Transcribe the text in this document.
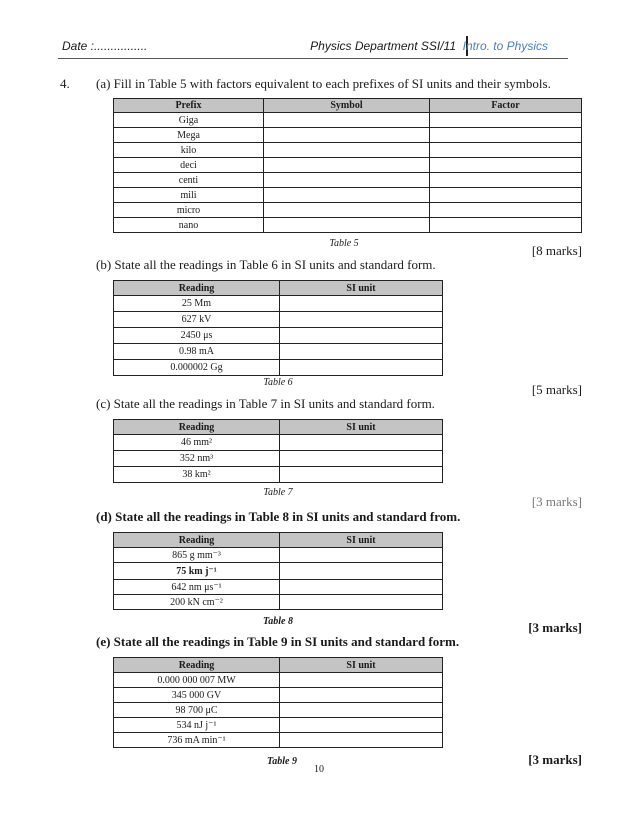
Date :................	Physics Department SSI/11 Intro. to Physics
4. (a) Fill in Table 5 with factors equivalent to each prefixes of SI units and their symbols.
Prefix	Symbol	Factor
Giga		
Mega		
kilo		
deci		
centi		
mili		
micro		
nano		
Table 5	[8 marks]
(b) State all the readings in Table 6 in SI units and standard form.
Reading	SI unit
25 Mm	
627 kV	
2450 μs	
0.98 mA	
0.000002 Gg	
Table 6	[5 marks]
(c) State all the readings in Table 7 in SI units and standard form.
Reading	SI unit
46 mm²	
352 nm³	
38 km²	
Table 7
[3 marks]
(d) State all the readings in Table 8 in SI units and standard from.
Reading	SI unit
865 g mm⁻³	
75 km j⁻¹	
642 nm μs⁻¹	
200 kN cm⁻²	
Table 8	[3 marks]
(e) State all the readings in Table 9 in SI units and standard form.
Reading	SI unit
0.000 000 007 MW	
345 000 GV	
98 700 μC	
534 nJ j⁻¹	
736 mA min⁻¹	
Table 9	[3 marks]
10
